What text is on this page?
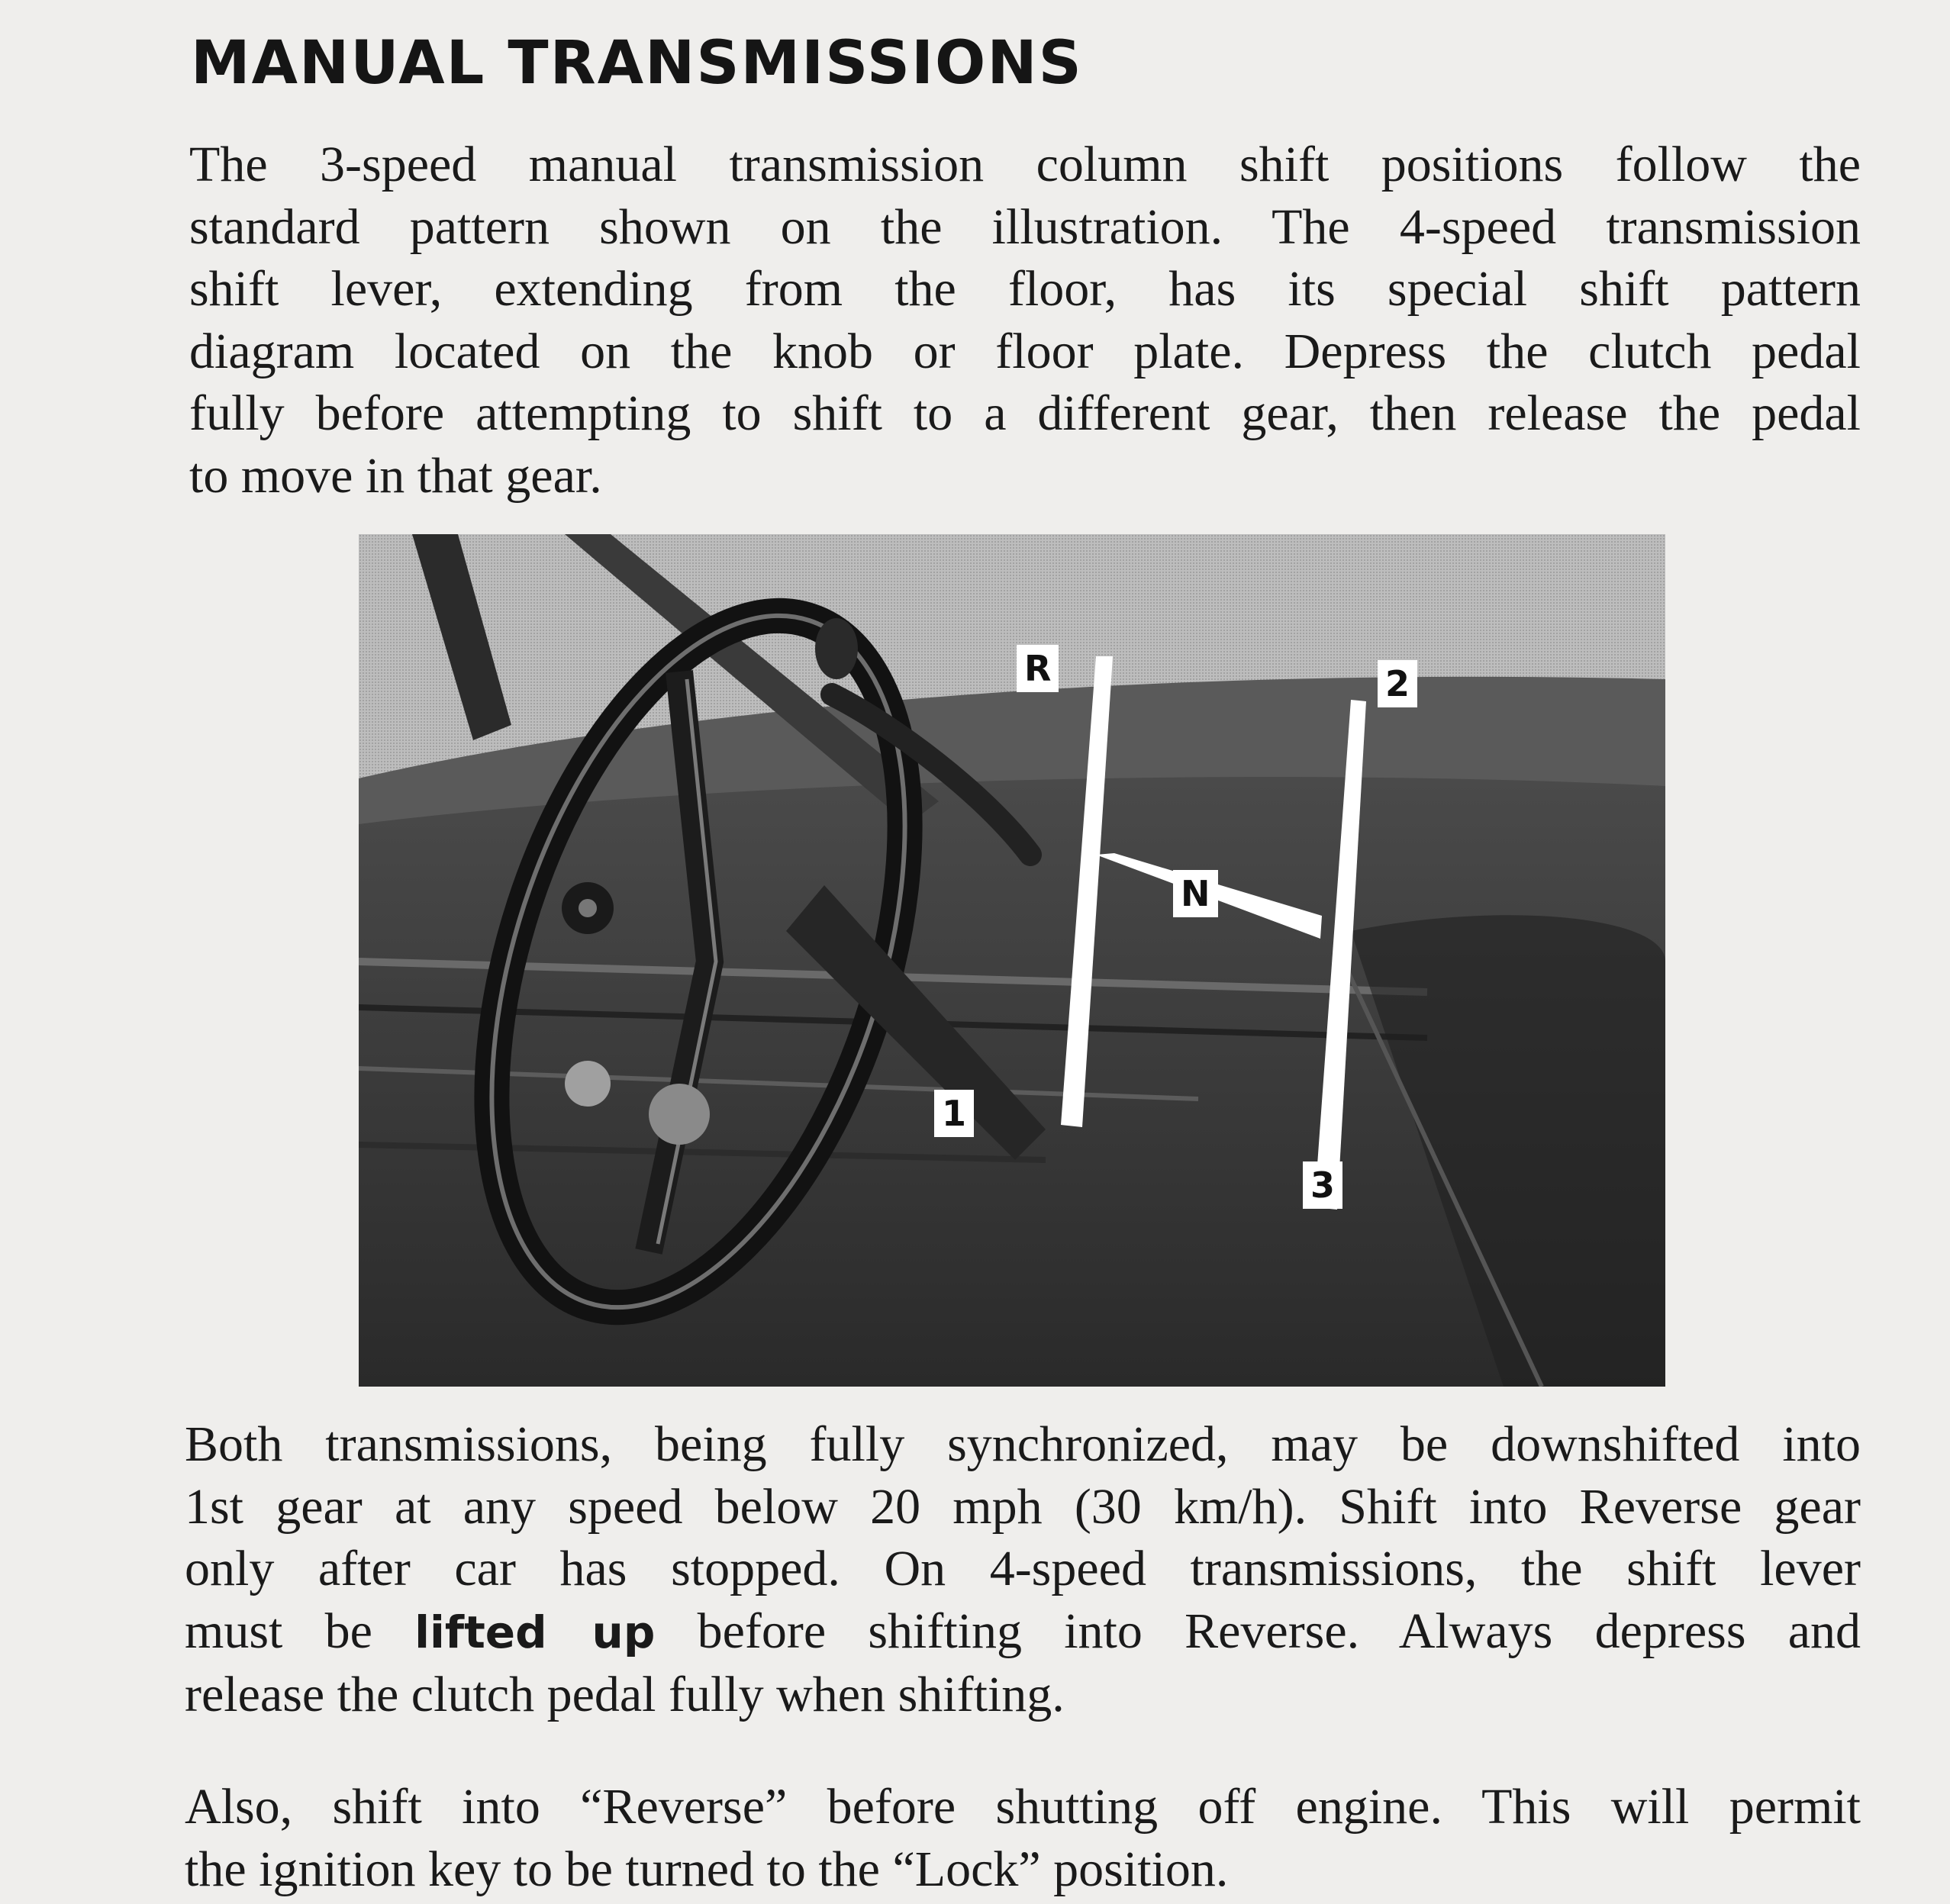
MANUAL TRANSMISSIONS

The 3-speed manual transmission column shift positions follow the
standard pattern shown on the illustration. The 4-speed transmission
shift lever, extending from the floor, has its special shift pattern
diagram located on the knob or floor plate. Depress the clutch pedal
fully before attempting to shift to a different gear, then release the pedal
to move in that gear.

R	2
N
1
3

Both transmissions, being fully synchronized, may be downshifted into
1st gear at any speed below 20 mph (30 km/h). Shift into Reverse gear
only after car has stopped. On 4-speed transmissions, the shift lever
must be lifted up before shifting into Reverse. Always depress and
release the clutch pedal fully when shifting.

Also, shift into “Reverse” before shutting off engine. This will permit
the ignition key to be turned to the “Lock” position.
